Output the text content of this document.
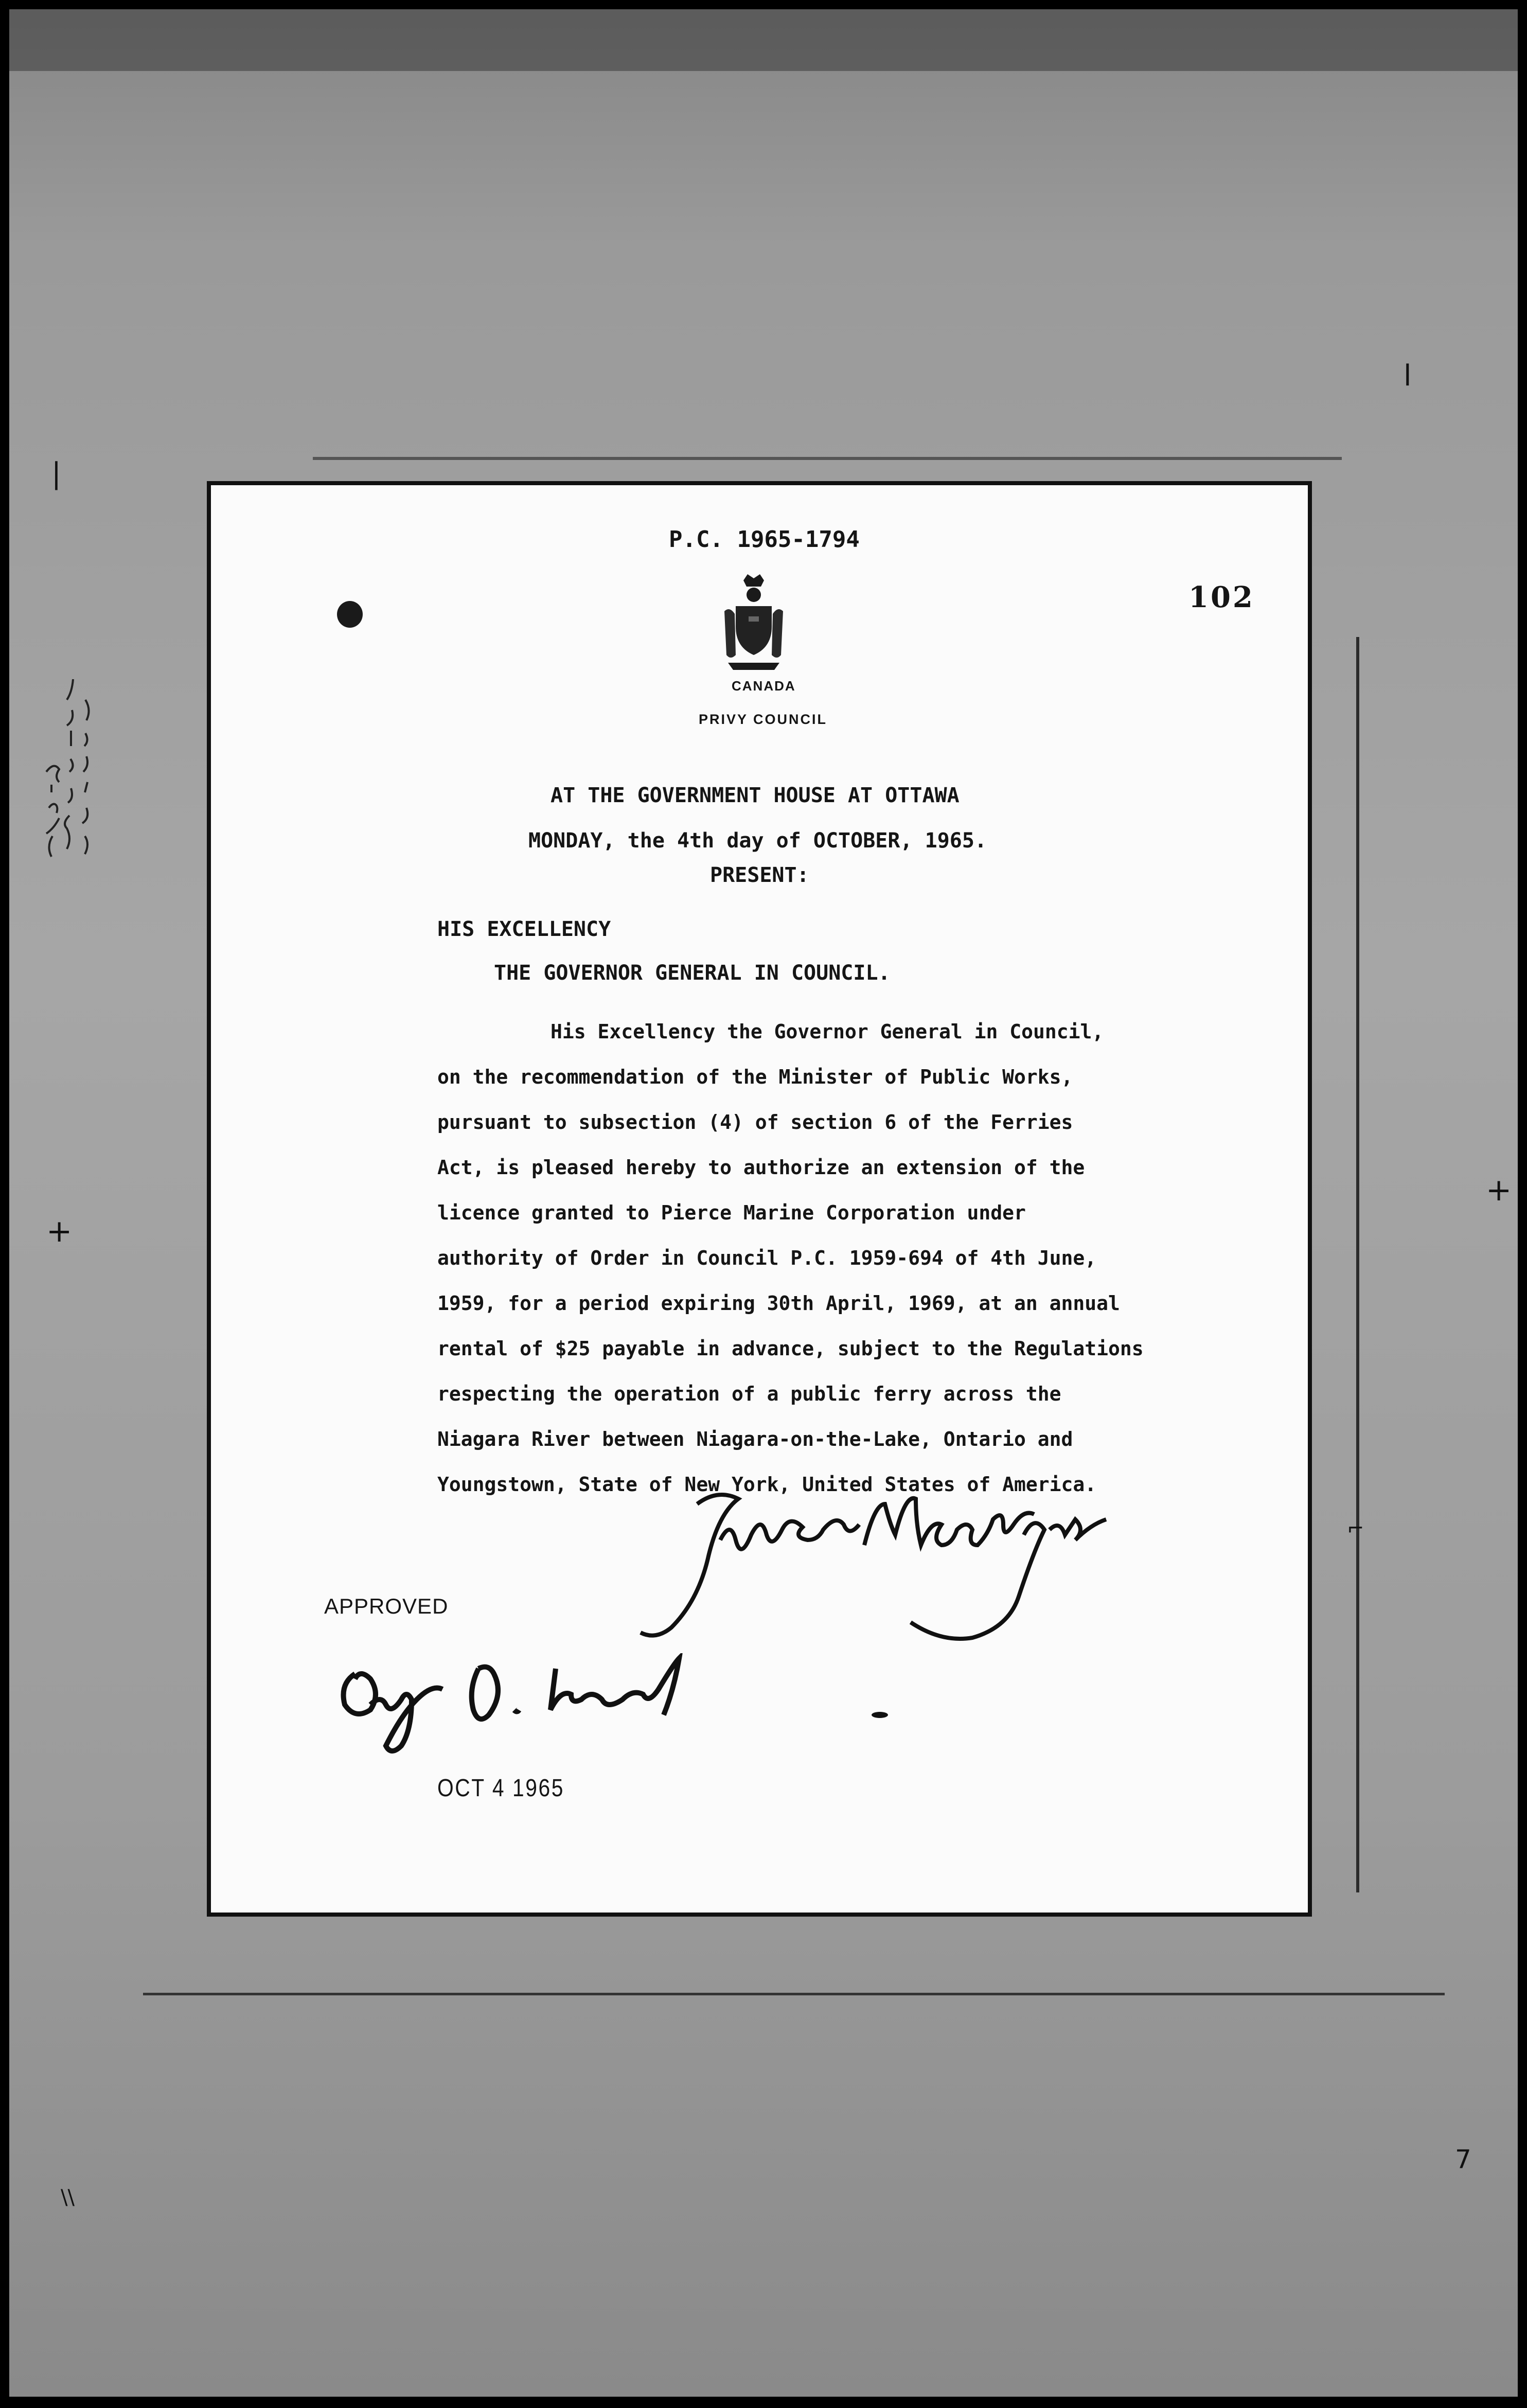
l
+
+
|
⌐
\\
7
P.C. 1965-1794
102
CANADA
PRIVY COUNCIL
AT THE GOVERNMENT HOUSE AT OTTAWA
MONDAY, the 4th day of OCTOBER, 1965.
PRESENT:
HIS EXCELLENCY
THE GOVERNOR GENERAL IN COUNCIL.
His Excellency the Governor General in Council,
on the recommendation of the Minister of Public Works,
pursuant to subsection (4) of section 6 of the Ferries
Act, is pleased hereby to authorize an extension of the
licence granted to Pierce Marine Corporation under
authority of Order in Council P.C. 1959-694 of 4th June,
1959, for a period expiring 30th April, 1969, at an annual
rental of $25 payable in advance, subject to the Regulations
respecting the operation of a public ferry across the
Niagara River between Niagara-on-the-Lake, Ontario and
Youngstown, State of New York, United States of America.
APPROVED
OCT 4 1965
